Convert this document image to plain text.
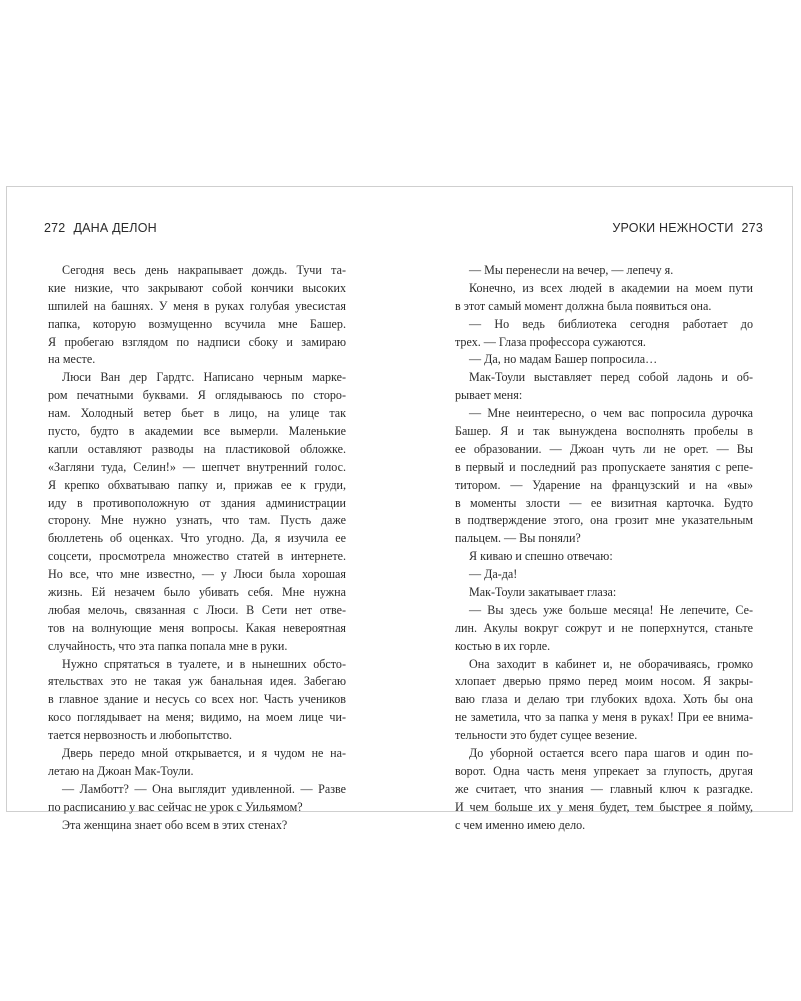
272 ДАНА ДЕЛОН	УРОКИ НЕЖНОСТИ 273
Сегодня весь день накрапывает дождь. Тучи та-
кие низкие, что закрывают собой кончики высоких
шпилей на башнях. У меня в руках голубая увесистая
папка, которую возмущенно всучила мне Башер.
Я пробегаю взглядом по надписи сбоку и замираю
на месте.
Люси Ван дер Гардтс. Написано черным марке-
ром печатными буквами. Я оглядываюсь по сторо-
нам. Холодный ветер бьет в лицо, на улице так
пусто, будто в академии все вымерли. Маленькие
капли оставляют разводы на пластиковой обложке.
«Загляни туда, Селин!» — шепчет внутренний голос.
Я крепко обхватываю папку и, прижав ее к груди,
иду в противоположную от здания администрации
сторону. Мне нужно узнать, что там. Пусть даже
бюллетень об оценках. Что угодно. Да, я изучила ее
соцсети, просмотрела множество статей в интернете.
Но все, что мне известно, — у Люси была хорошая
жизнь. Ей незачем было убивать себя. Мне нужна
любая мелочь, связанная с Люси. В Сети нет отве-
тов на волнующие меня вопросы. Какая невероятная
случайность, что эта папка попала мне в руки.
Нужно спрятаться в туалете, и в нынешних обсто-
ятельствах это не такая уж банальная идея. Забегаю
в главное здание и несусь со всех ног. Часть учеников
косо поглядывает на меня; видимо, на моем лице чи-
тается нервозность и любопытство.
Дверь передо мной открывается, и я чудом не на-
летаю на Джоан Мак-Тоули.
— Ламботт? — Она выглядит удивленной. — Разве
по расписанию у вас сейчас не урок с Уильямом?
Эта женщина знает обо всем в этих стенах?
— Мы перенесли на вечер, — лепечу я.
Конечно, из всех людей в академии на моем пути
в этот самый момент должна была появиться она.
— Но ведь библиотека сегодня работает до
трех. — Глаза профессора сужаются.
— Да, но мадам Башер попросила…
Мак-Тоули выставляет перед собой ладонь и об-
рывает меня:
— Мне неинтересно, о чем вас попросила дурочка
Башер. Я и так вынуждена восполнять пробелы в
ее образовании. — Джоан чуть ли не орет. — Вы
в первый и последний раз пропускаете занятия с репе-
титором. — Ударение на французский и на «вы»
в моменты злости — ее визитная карточка. Будто
в подтверждение этого, она грозит мне указательным
пальцем. — Вы поняли?
Я киваю и спешно отвечаю:
— Да-да!
Мак-Тоули закатывает глаза:
— Вы здесь уже больше месяца! Не лепечите, Се-
лин. Акулы вокруг сожрут и не поперхнутся, станьте
костью в их горле.
Она заходит в кабинет и, не оборачиваясь, громко
хлопает дверью прямо перед моим носом. Я закры-
ваю глаза и делаю три глубоких вдоха. Хоть бы она
не заметила, что за папка у меня в руках! При ее внима-
тельности это будет сущее везение.
До уборной остается всего пара шагов и один по-
ворот. Одна часть меня упрекает за глупость, другая
же считает, что знания — главный ключ к разгадке.
И чем больше их у меня будет, тем быстрее я пойму,
с чем именно имею дело.
